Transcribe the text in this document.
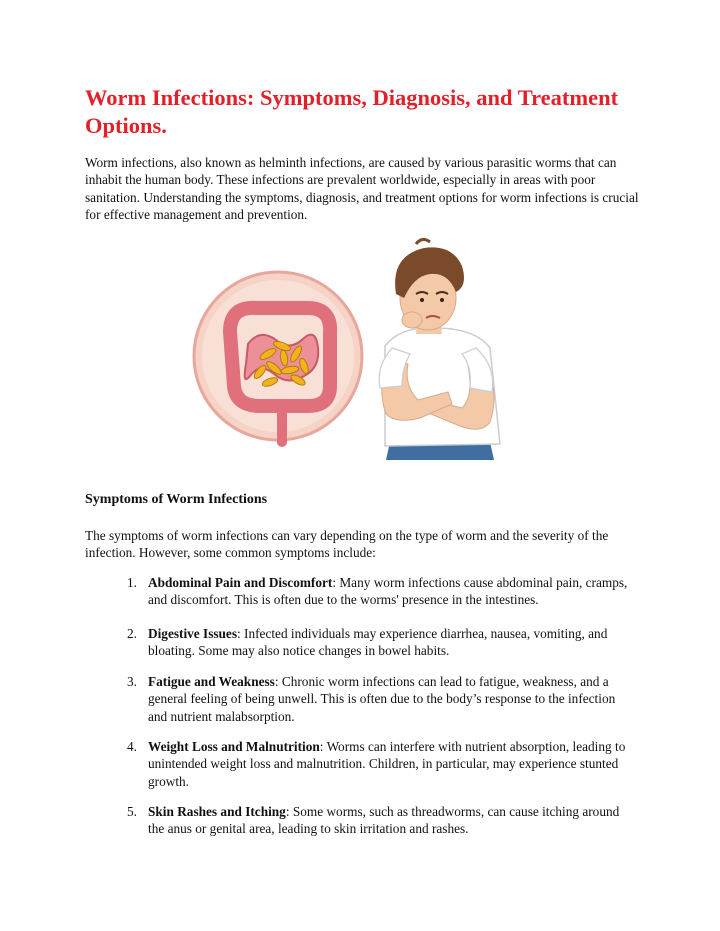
Worm Infections: Symptoms, Diagnosis, and Treatment Options.

Worm infections, also known as helminth infections, are caused by various parasitic worms that can inhabit the human body. These infections are prevalent worldwide, especially in areas with poor sanitation. Understanding the symptoms, diagnosis, and treatment options for worm infections is crucial for effective management and prevention.

Symptoms of Worm Infections

The symptoms of worm infections can vary depending on the type of worm and the severity of the infection. However, some common symptoms include:

1. Abdominal Pain and Discomfort: Many worm infections cause abdominal pain, cramps, and discomfort. This is often due to the worms' presence in the intestines.
2. Digestive Issues: Infected individuals may experience diarrhea, nausea, vomiting, and bloating. Some may also notice changes in bowel habits.
3. Fatigue and Weakness: Chronic worm infections can lead to fatigue, weakness, and a general feeling of being unwell. This is often due to the body’s response to the infection and nutrient malabsorption.
4. Weight Loss and Malnutrition: Worms can interfere with nutrient absorption, leading to unintended weight loss and malnutrition. Children, in particular, may experience stunted growth.
5. Skin Rashes and Itching: Some worms, such as threadworms, can cause itching around the anus or genital area, leading to skin irritation and rashes.
